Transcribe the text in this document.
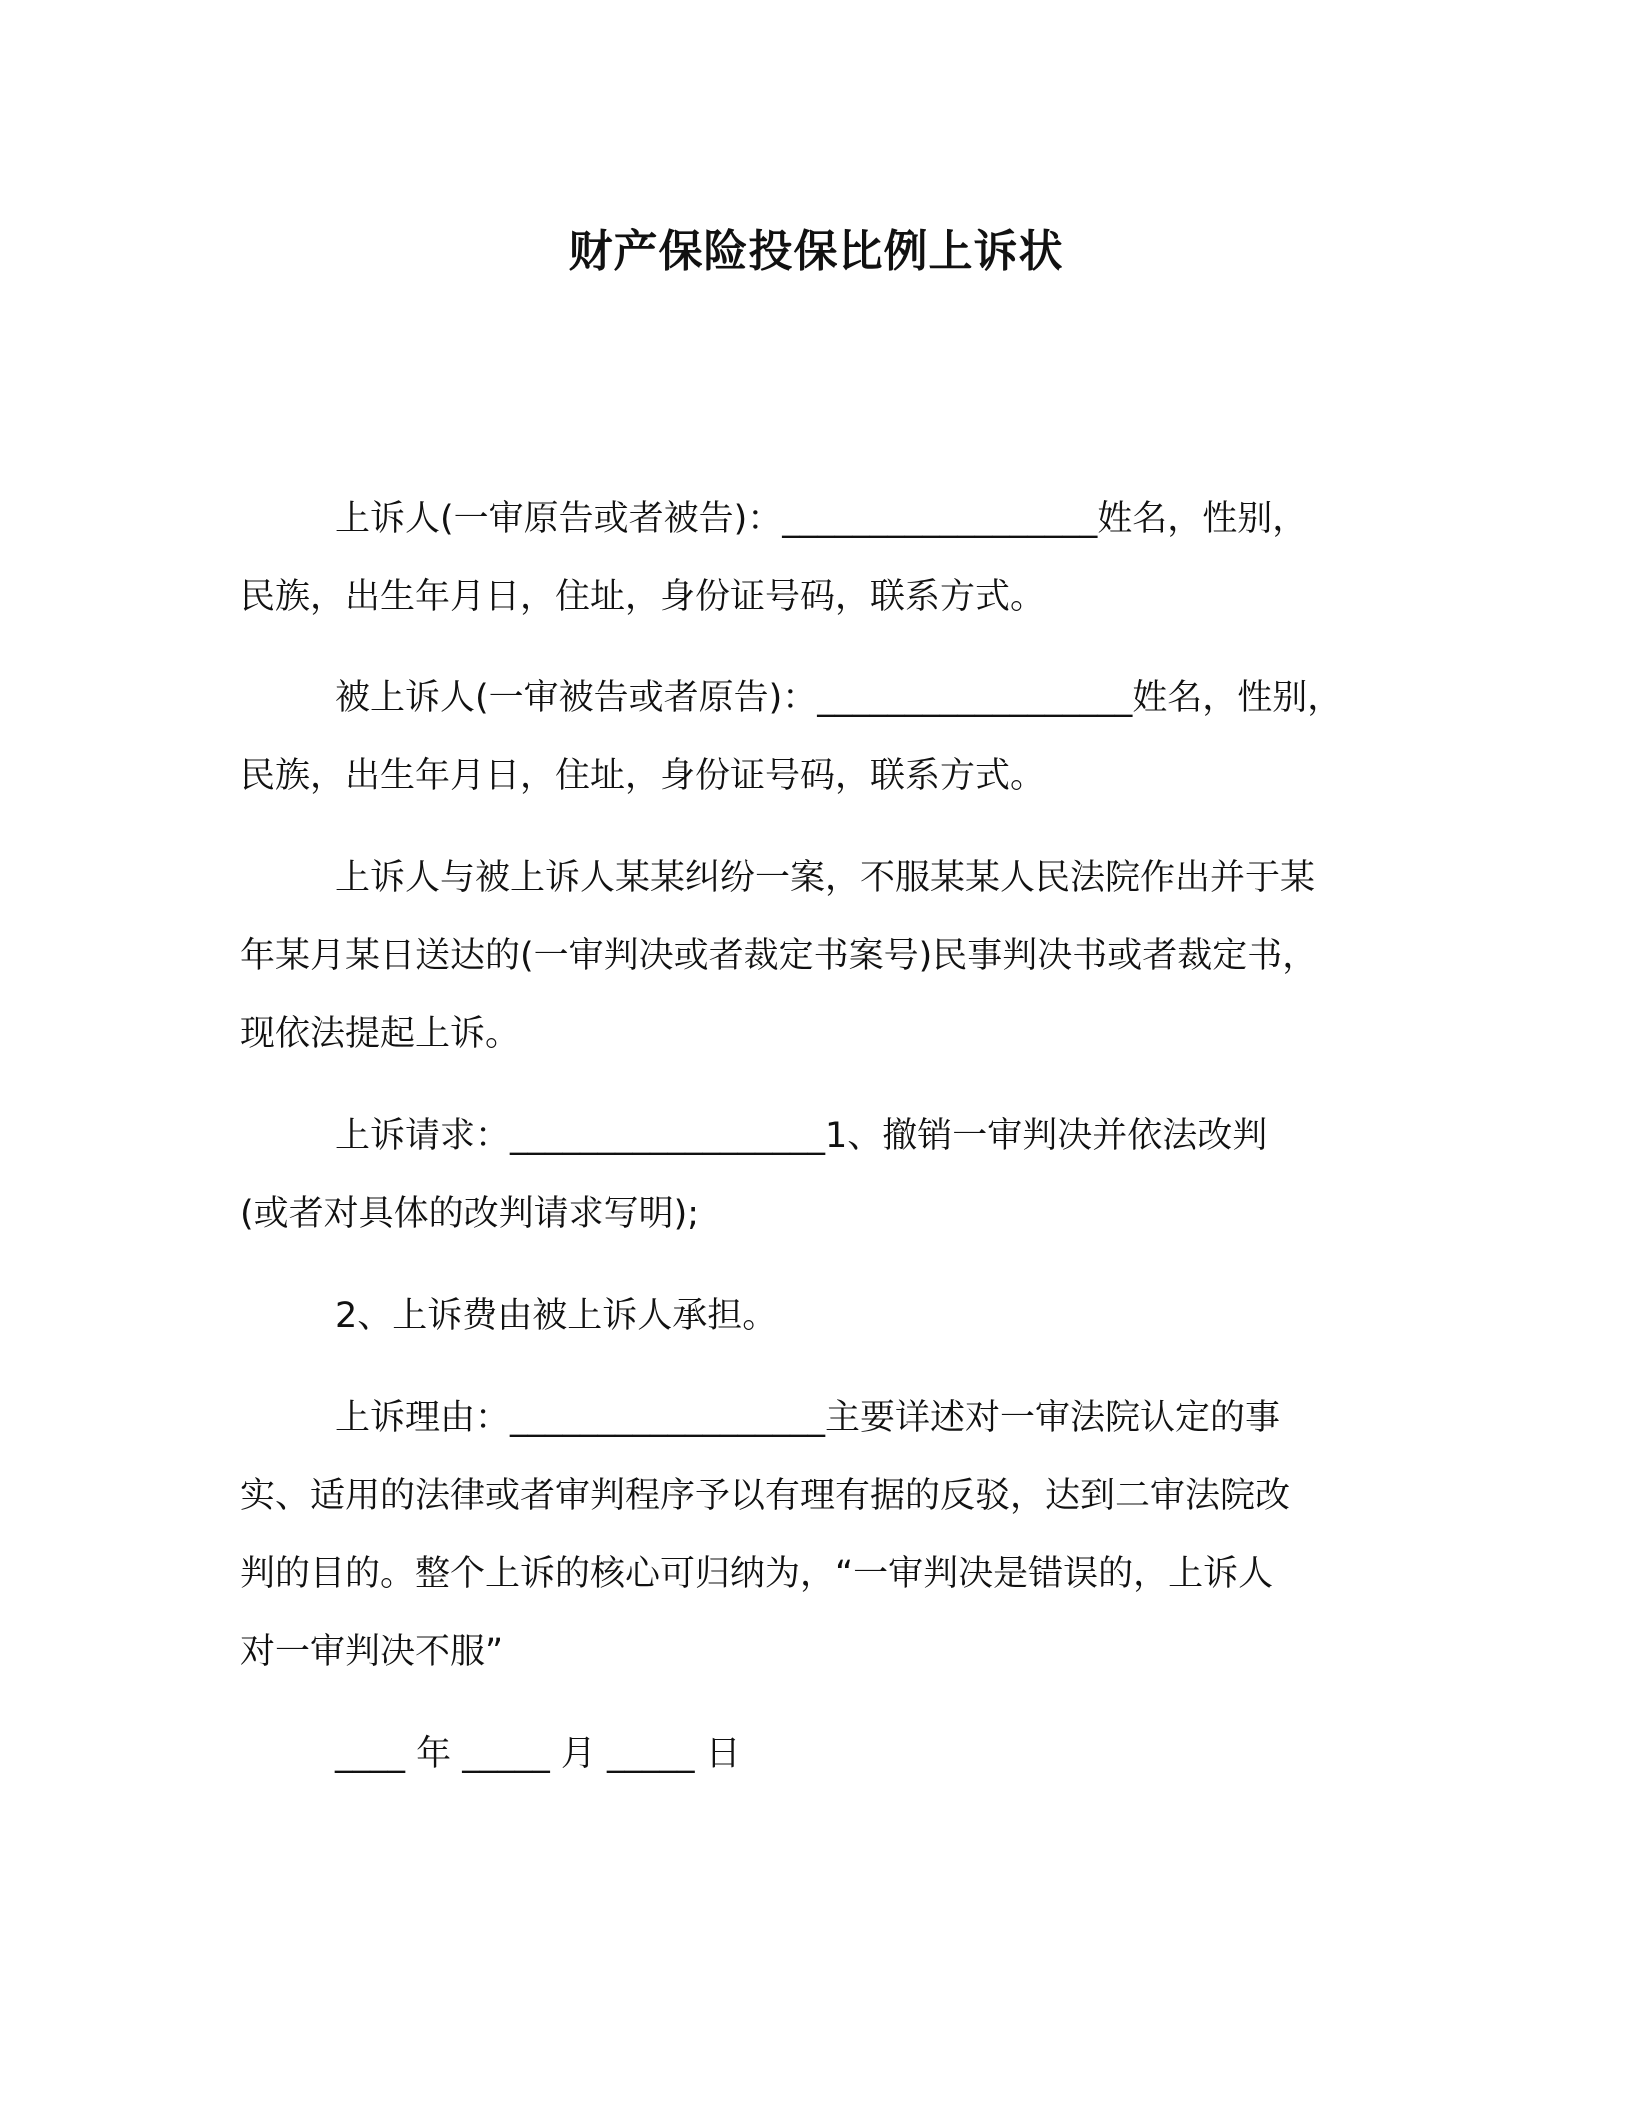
财产保险投保比例上诉状
上诉人(一审原告或者被告)：__________________姓名，性别，
民族，出生年月日，住址，身份证号码，联系方式。
被上诉人(一审被告或者原告)：__________________姓名，性别，
民族，出生年月日，住址，身份证号码，联系方式。
上诉人与被上诉人某某纠纷一案，不服某某人民法院作出并于某
年某月某日送达的(一审判决或者裁定书案号)民事判决书或者裁定书，
现依法提起上诉。
上诉请求：__________________1、撤销一审判决并依法改判
(或者对具体的改判请求写明);
2、上诉费由被上诉人承担。
上诉理由：__________________主要详述对一审法院认定的事
实、适用的法律或者审判程序予以有理有据的反驳，达到二审法院改
判的目的。整个上诉的核心可归纳为，“一审判决是错误的，上诉人
对一审判决不服”
____ 年 _____ 月 _____ 日
